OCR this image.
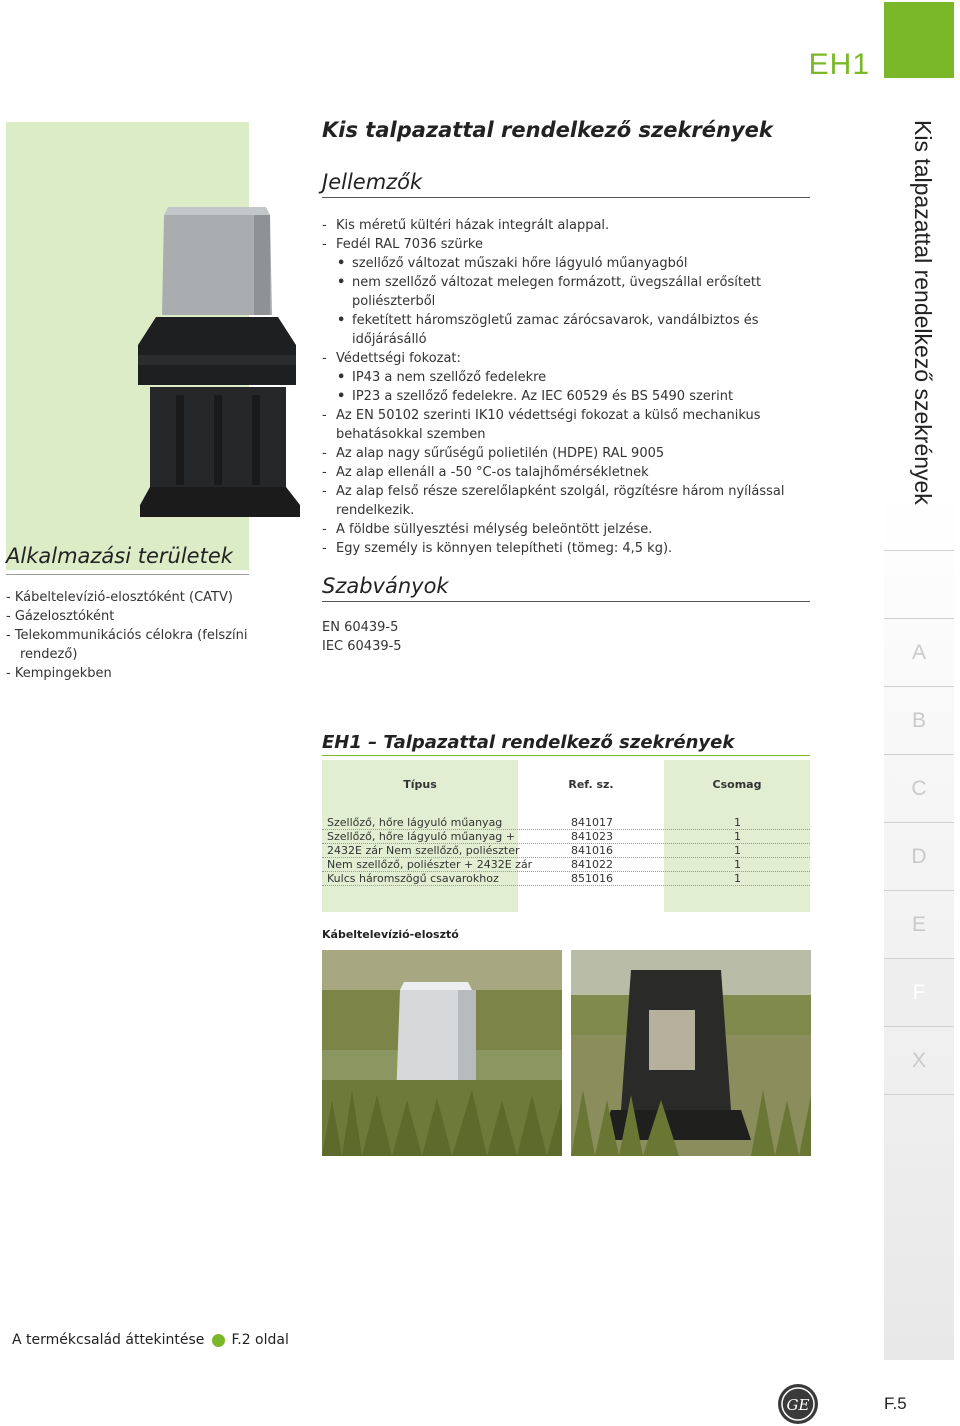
EH1
Kis talpazattal rendelkező szekrények
A
B
C
D
E
F
X
Alkalmazási területek
- Kábeltelevízió-elosztóként (CATV)
- Gázelosztóként
- Telekommunikációs célokra (felszíni rendező)
- Kempingekben
Kis talpazattal rendelkező szekrények
Jellemzők
- Kis méretű kültéri házak integrált alappal.
- Fedél RAL 7036 szürke
• szellőző változat műszaki hőre lágyuló műanyagból
• nem szellőző változat melegen formázott, üvegszállal erősített poliészterből
• feketített háromszögletű zamac zárócsavarok, vandálbiztos és időjárásálló
- Védettségi fokozat:
• IP43 a nem szellőző fedelekre
• IP23 a szellőző fedelekre. Az IEC 60529 és BS 5490 szerint
- Az EN 50102 szerinti IK10 védettségi fokozat a külső mechanikus behatásokkal szemben
- Az alap nagy sűrűségű polietilén (HDPE) RAL 9005
- Az alap ellenáll a -50 °C-os talajhőmérsékletnek
- Az alap felső része szerelőlapként szolgál, rögzítésre három nyílással rendelkezik.
- A földbe süllyesztési mélység beleöntött jelzése.
- Egy személy is könnyen telepítheti (tömeg: 4,5 kg).
Szabványok
EN 60439-5
IEC 60439-5
EH1 – Talpazattal rendelkező szekrények
Típus	Ref. sz.	Csomag
Szellőző, hőre lágyuló műanyag	841017	1
Szellőző, hőre lágyuló műanyag +	841023	1
2432E zár Nem szellőző, poliészter	841016	1
Nem szellőző, poliészter + 2432E zár	841022	1
Kulcs háromszögű csavarokhoz	851016	1
Kábeltelevízió-elosztó
A termékcsalád áttekintése F.2 oldal
GE	F.5
